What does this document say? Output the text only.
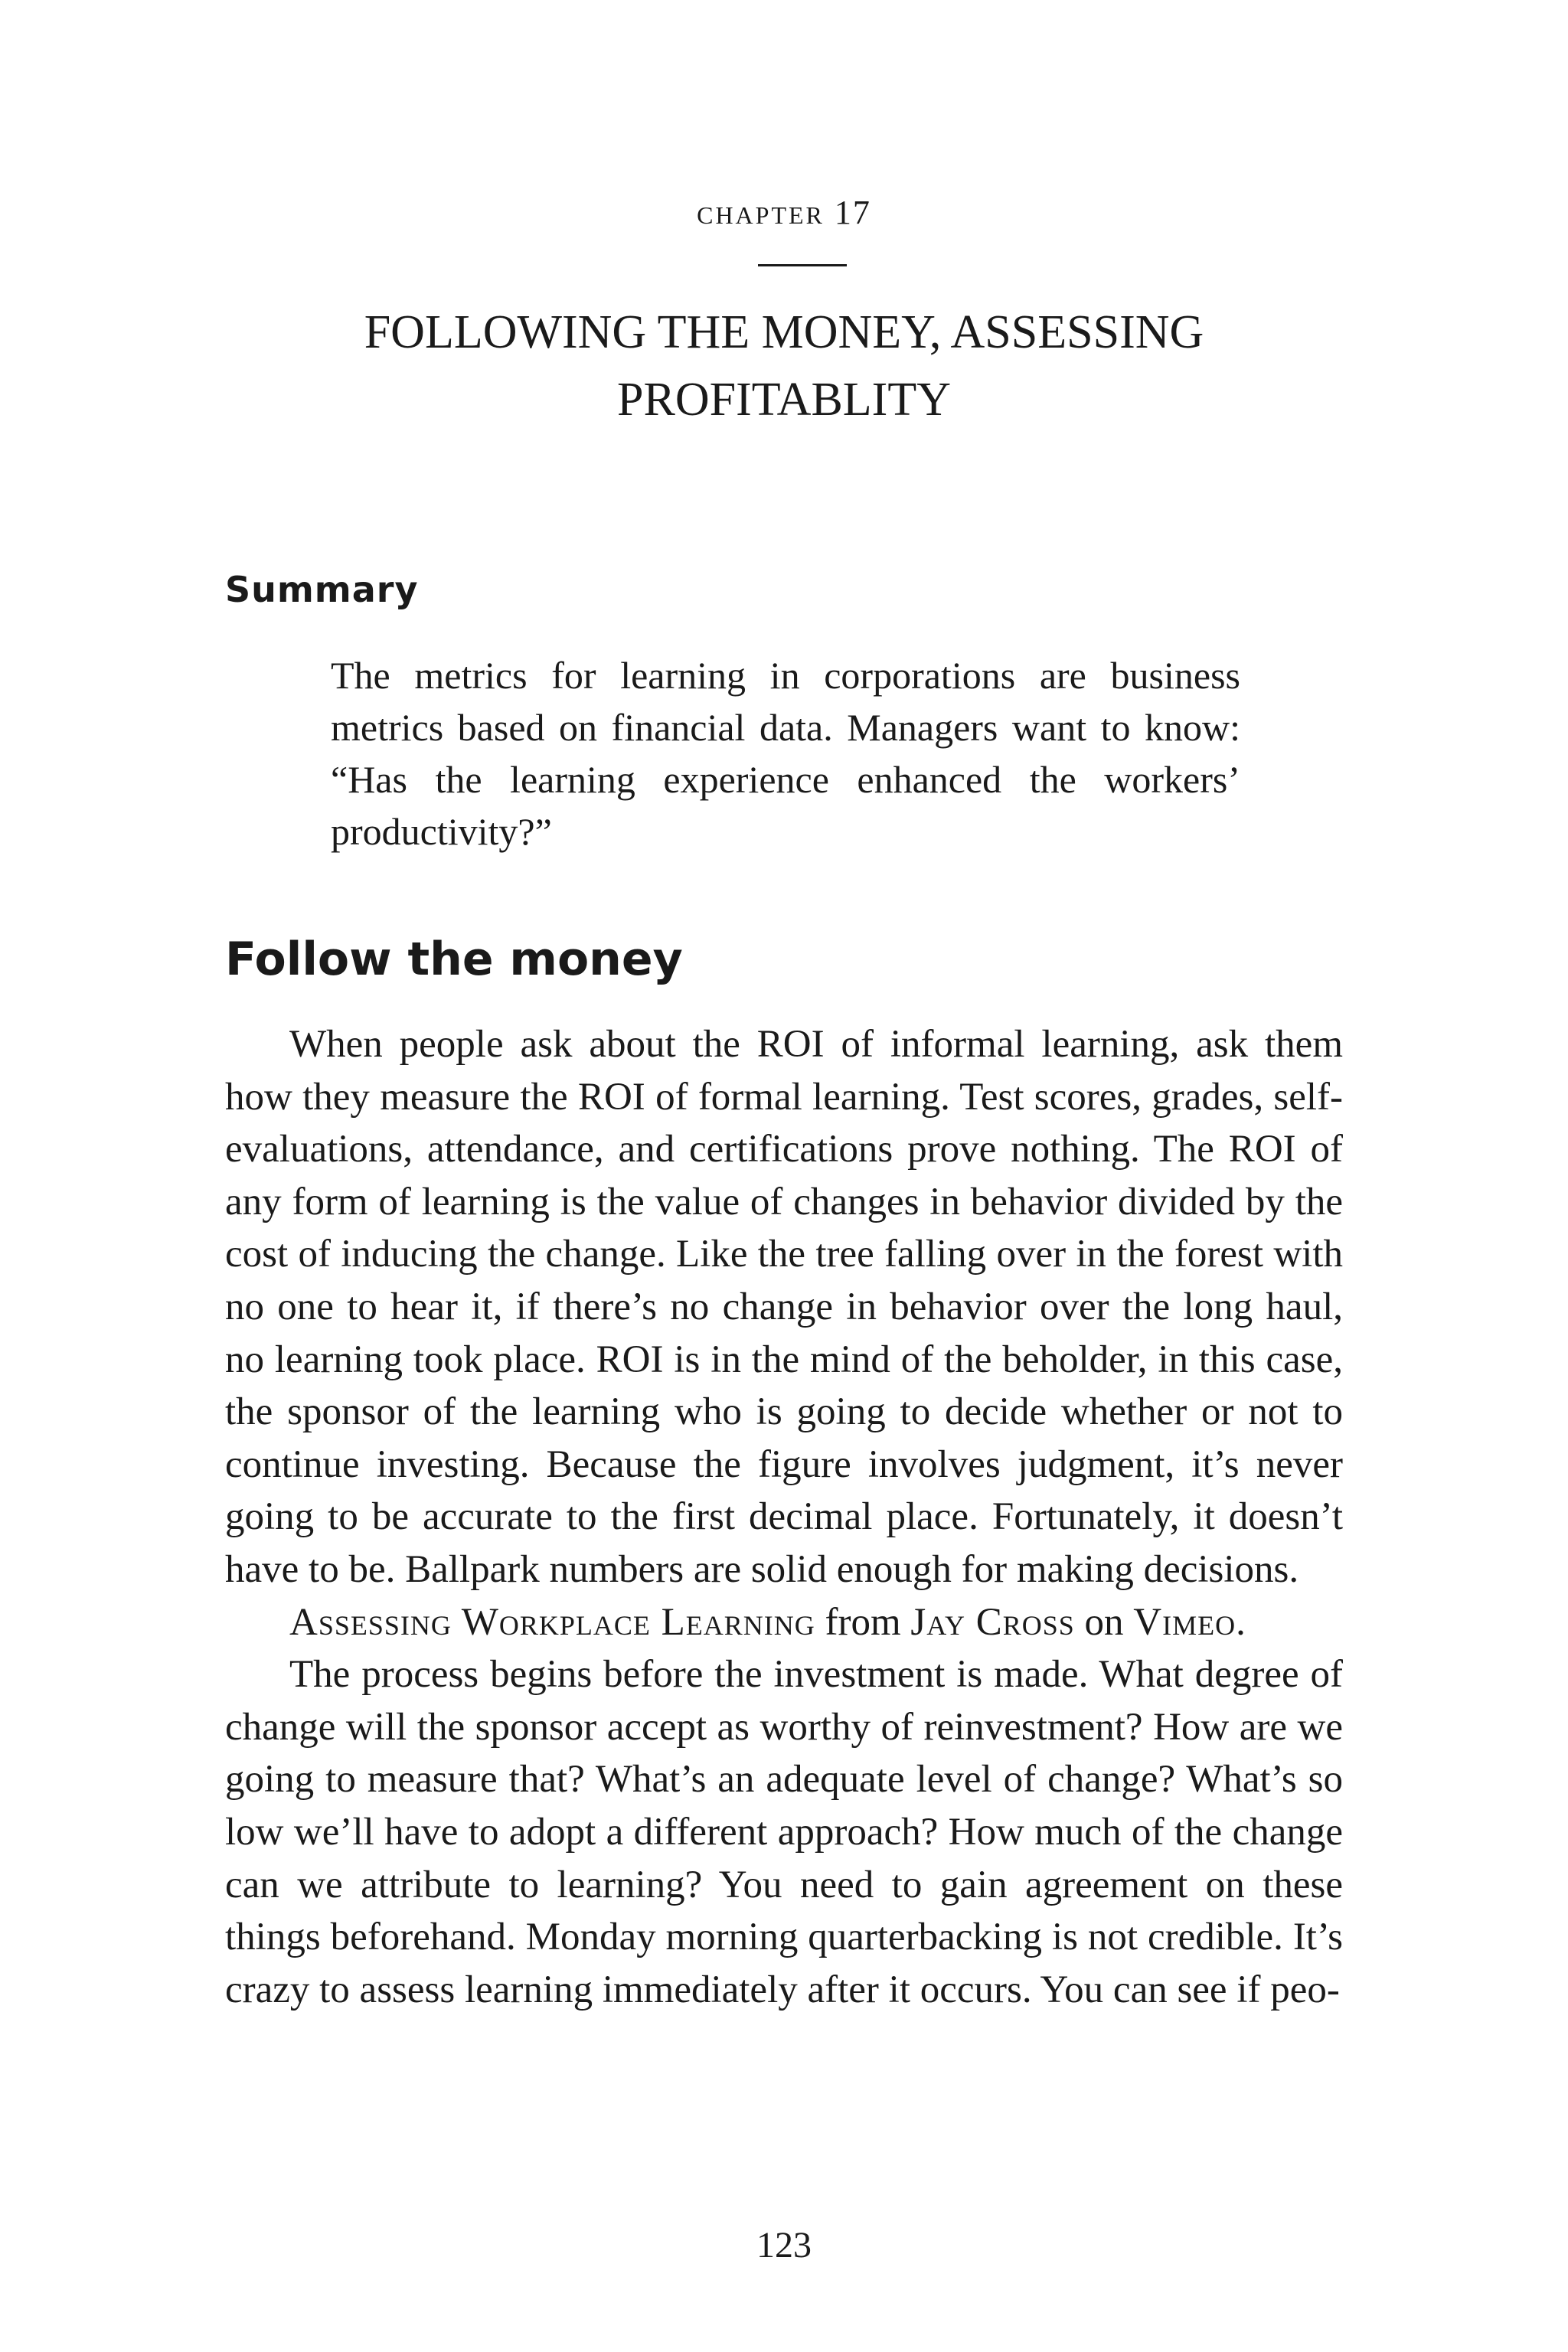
chapter 17
FOLLOWING THE MONEY, ASSESSING
PROFITABLITY
Summary
The metrics for learning in corporations are business metrics based on financial data. Managers want to know: “Has the learning experience enhanced the workers’ productivity?”
Follow the money

When people ask about the ROI of informal learning, ask them how they measure the ROI of formal learning. Test scores, grades, self-evaluations, attendance, and certifications prove nothing. The ROI of any form of learning is the value of changes in behavior divided by the cost of inducing the change. Like the tree falling over in the forest with no one to hear it, if there’s no change in behavior over the long haul, no learning took place. ROI is in the mind of the beholder, in this case, the sponsor of the learning who is going to decide whether or not to continue investing. Because the figure involves judgment, it’s never going to be accurate to the first decimal place. Fortunately, it doesn’t have to be. Ballpark numbers are solid enough for making decisions.

Assessing Workplace Learning from Jay Cross on Vimeo.

The process begins before the investment is made. What degree of change will the sponsor accept as worthy of reinvestment? How are we going to measure that? What’s an adequate level of change? What’s so low we’ll have to adopt a different approach? How much of the change can we attribute to learning? You need to gain agreement on these things beforehand. Monday morning quarterbacking is not credible. It’s crazy to assess learning immediately after it occurs. You can see if peo-

123
